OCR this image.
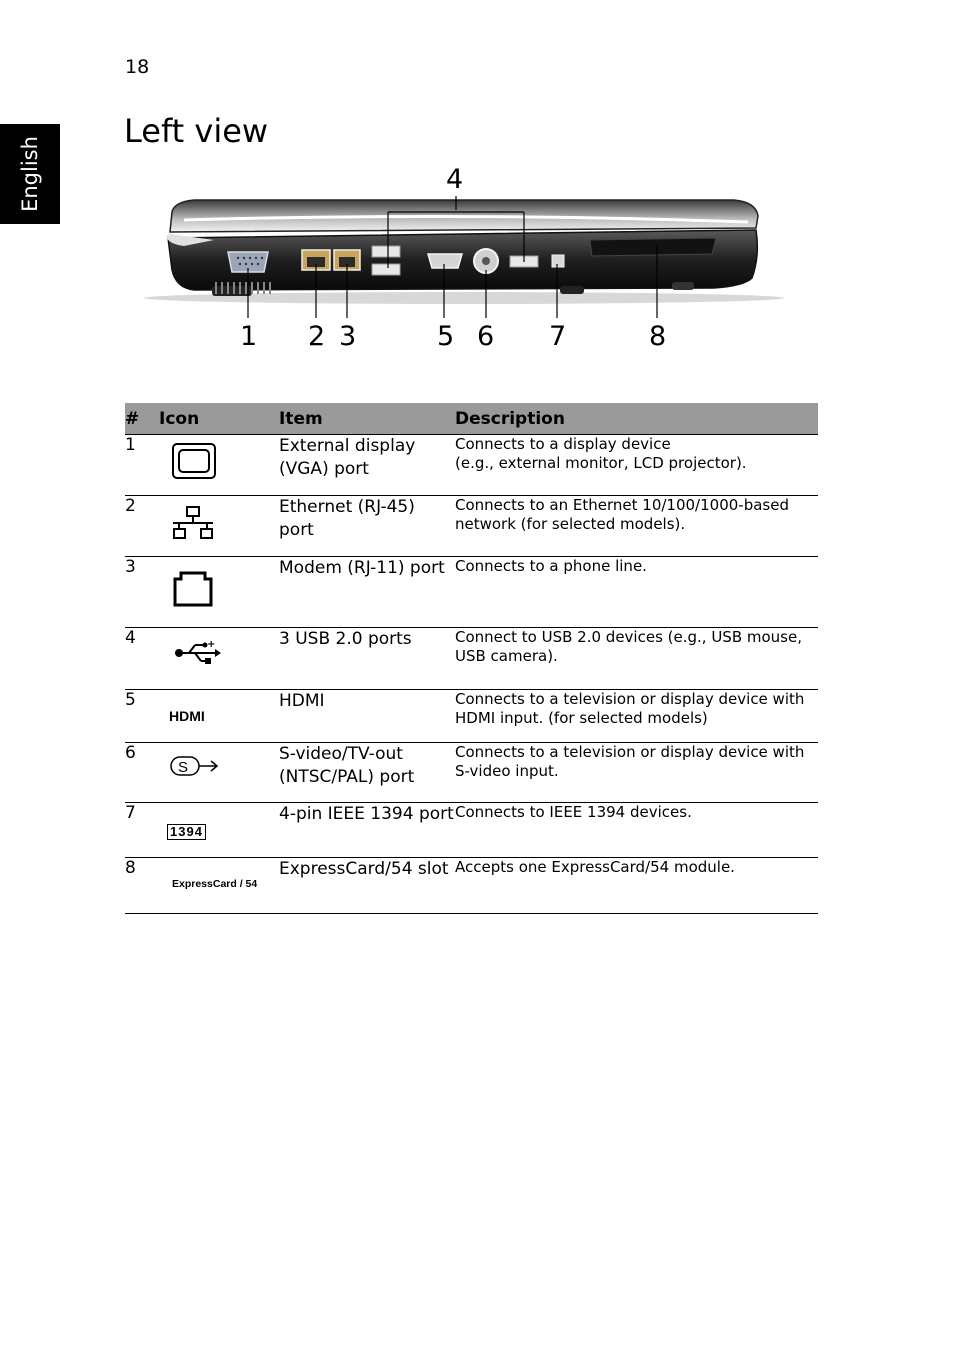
18
English
Left view
4
1 2 3	5 6 7	8
#	Icon	Item	Description
1		External display (VGA) port	Connects to a display device
(e.g., external monitor, LCD projector).

2		Ethernet (RJ-45) port	Connects to an Ethernet 10/100/1000-based
network (for selected models).

3		Modem (RJ-11) port	Connects to a phone line.

4	+	3 USB 2.0 ports	Connect to USB 2.0 devices (e.g., USB mouse,
USB camera).

5	HDMI	HDMI	Connects to a television or display device with
HDMI input. (for selected models)

6	S	S-video/TV-out (NTSC/PAL) port	Connects to a television or display device with
S-video input.

7	1394	4-pin IEEE 1394 port	Connects to IEEE 1394 devices.

8	ExpressCard / 54	ExpressCard/54 slot	Accepts one ExpressCard/54 module.
